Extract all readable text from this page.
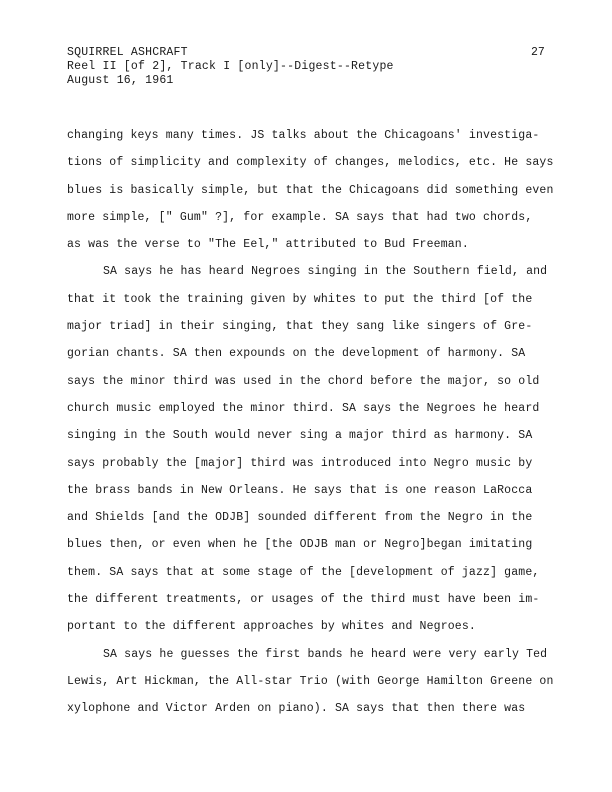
SQUIRREL ASHCRAFT
Reel II [of 2], Track I [only]--Digest--Retype
August 16, 1961
27
changing keys many times. JS talks about the Chicagoans' investiga-
tions of simplicity and complexity of changes, melodics, etc. He says
blues is basically simple, but that the Chicagoans did something even
more simple, [" Gum" ?], for example. SA says that had two chords,
as was the verse to "The Eel," attributed to Bud Freeman.
SA says he has heard Negroes singing in the Southern field, and
that it took the training given by whites to put the third [of the
major triad] in their singing, that they sang like singers of Gre-
gorian chants. SA then expounds on the development of harmony. SA
says the minor third was used in the chord before the major, so old
church music employed the minor third. SA says the Negroes he heard
singing in the South would never sing a major third as harmony. SA
says probably the [major] third was introduced into Negro music by
the brass bands in New Orleans. He says that is one reason LaRocca
and Shields [and the ODJB] sounded different from the Negro in the
blues then, or even when he [the ODJB man or Negro]began imitating
them. SA says that at some stage of the [development of jazz] game,
the different treatments, or usages of the third must have been im-
portant to the different approaches by whites and Negroes.
SA says he guesses the first bands he heard were very early Ted
Lewis, Art Hickman, the All-star Trio (with George Hamilton Greene on
xylophone and Victor Arden on piano). SA says that then there was
